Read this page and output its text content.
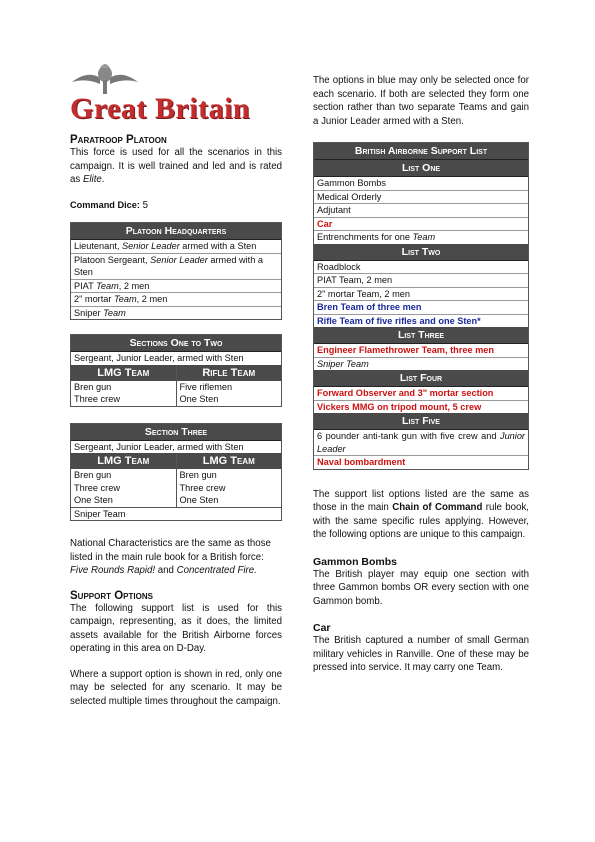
Great Britain
Paratroop Platoon

This force is used for all the scenarios in this campaign. It is well trained and led and is rated as Elite.

Command Dice: 5

Platoon Headquarters
Lieutenant, Senior Leader armed with a Sten
Platoon Sergeant, Senior Leader armed with a Sten
PIAT Team, 2 men
2" mortar Team, 2 men
Sniper Team
Sections One to Two
Sergeant, Junior Leader, armed with Sten
LMG Team
Bren gun
Three crew
Rifle Team
Five riflemen
One Sten
Section Three
Sergeant, Junior Leader, armed with Sten
LMG Team
Bren gun
Three crew
One Sten
LMG Team
Bren gun
Three crew
One Sten
Sniper Team

National Characteristics are the same as those listed in the main rule book for a British force: Five Rounds Rapid! and Concentrated Fire.

Support Options

The following support list is used for this campaign, representing, as it does, the limited assets available for the British Airborne forces operating in this area on D-Day.

Where a support option is shown in red, only one may be selected for any scenario. It may be selected multiple times throughout the campaign.

The options in blue may only be selected once for each scenario. If both are selected they form one section rather than two separate Teams and gain a Junior Leader armed with a Sten.

British Airborne Support List
List One
Gammon Bombs
Medical Orderly
Adjutant
Car
Entrenchments for one Team
List Two
Roadblock
PIAT Team, 2 men
2" mortar Team, 2 men
Bren Team of three men
Rifle Team of five rifles and one Sten*
List Three
Engineer Flamethrower Team, three men
Sniper Team
List Four
Forward Observer and 3" mortar section
Vickers MMG on tripod mount, 5 crew
List Five
6 pounder anti-tank gun with five crew and Junior Leader
Naval bombardment

The support list options listed are the same as those in the main Chain of Command rule book, with the same specific rules applying. However, the following options are unique to this campaign.

Gammon Bombs

The British player may equip one section with three Gammon bombs OR every section with one Gammon bomb.

Car

The British captured a number of small German military vehicles in Ranville. One of these may be pressed into service. It may carry one Team.
